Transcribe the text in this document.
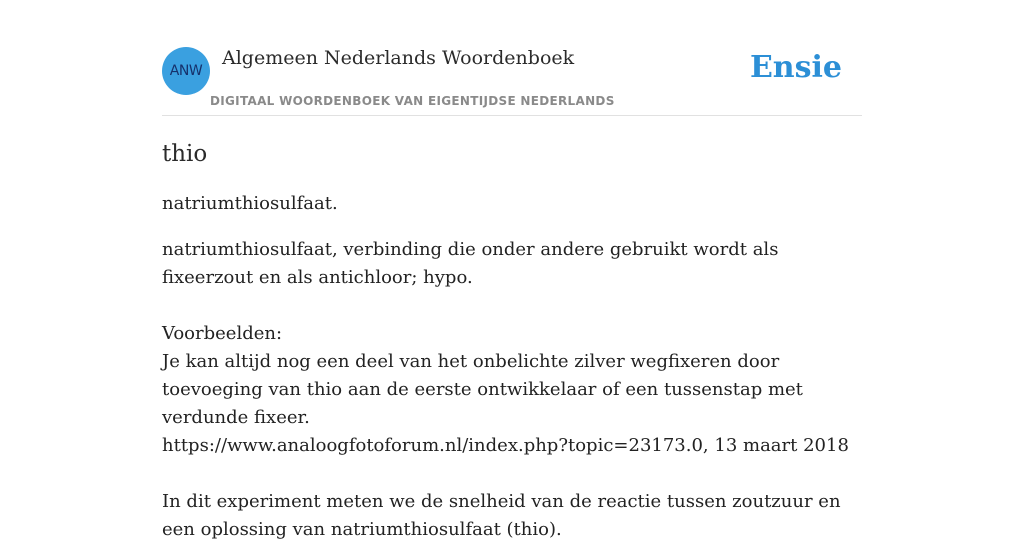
ANW
Algemeen Nederlands Woordenboek
DIGITAAL WOORDENBOEK VAN EIGENTIJDSE NEDERLANDS
Ensie
thio

natriumthiosulfaat.

natriumthiosulfaat, verbinding die onder andere gebruikt wordt als fixeerzout en als antichloor; hypo.

Voorbeelden:
Je kan altijd nog een deel van het onbelichte zilver wegfixeren door toevoeging van thio aan de eerste ontwikkelaar of een tussenstap met verdunde fixeer.
https://www.analoogfotoforum.nl/index.php?topic=23173.0, 13 maart 2018
In dit experiment meten we de snelheid van de reactie tussen zoutzuur en een oplossing van natriumthiosulfaat (thio).
